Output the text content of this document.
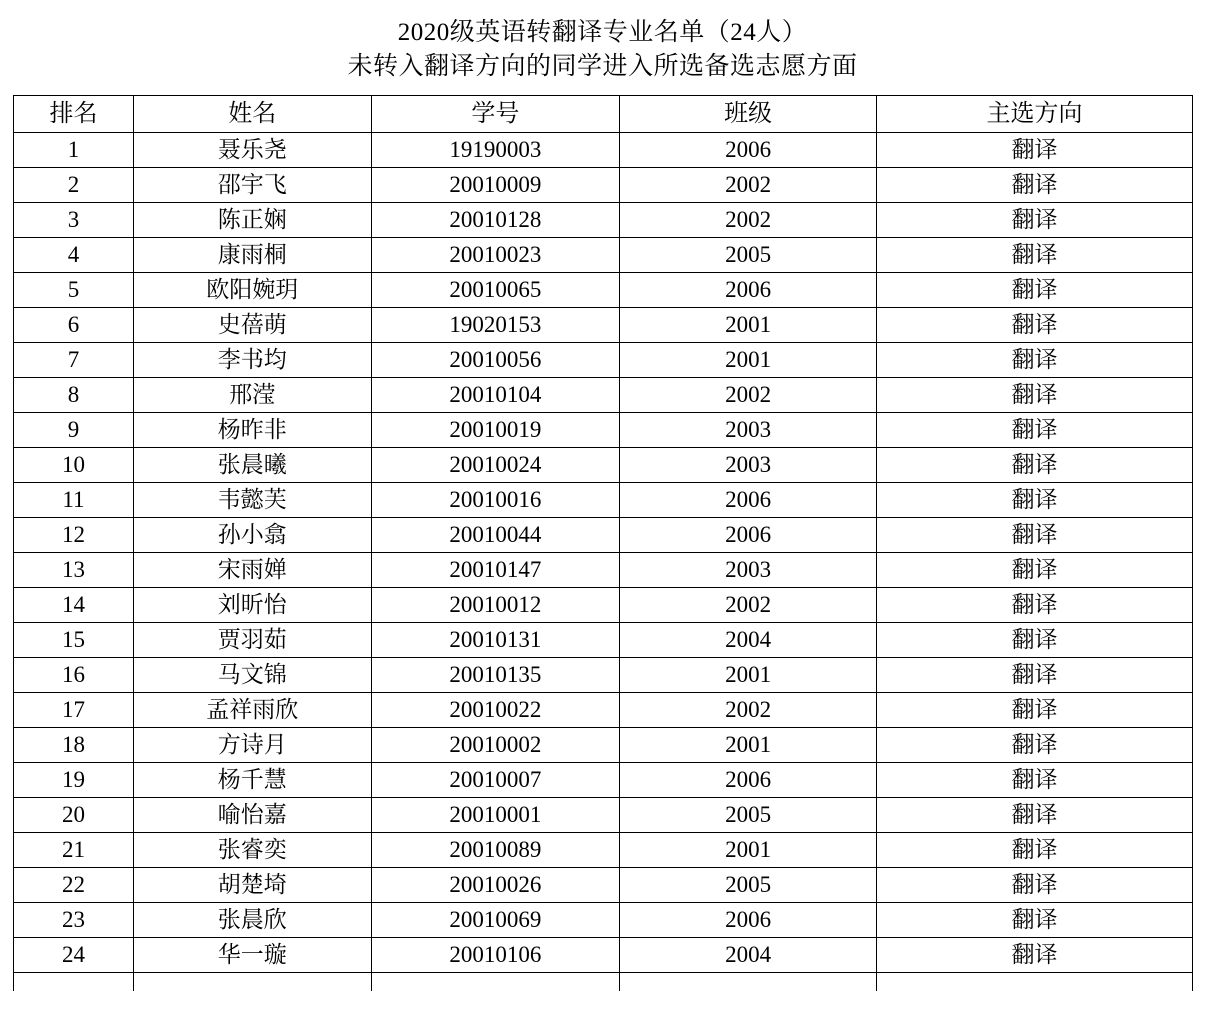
2020级英语转翻译专业名单（24人）
未转入翻译方向的同学进入所选备选志愿方面
排名	姓名	学号	班级	主选方向
1	聂乐尧	19190003	2006	翻译
2	邵宇飞	20010009	2002	翻译
3	陈正娴	20010128	2002	翻译
4	康雨桐	20010023	2005	翻译
5	欧阳婉玥	20010065	2006	翻译
6	史蓓萌	19020153	2001	翻译
7	李书均	20010056	2001	翻译
8	邢滢	20010104	2002	翻译
9	杨昨非	20010019	2003	翻译
10	张晨曦	20010024	2003	翻译
11	韦懿芙	20010016	2006	翻译
12	孙小翕	20010044	2006	翻译
13	宋雨婵	20010147	2003	翻译
14	刘昕怡	20010012	2002	翻译
15	贾羽茹	20010131	2004	翻译
16	马文锦	20010135	2001	翻译
17	孟祥雨欣	20010022	2002	翻译
18	方诗月	20010002	2001	翻译
19	杨千慧	20010007	2006	翻译
20	喻怡嘉	20010001	2005	翻译
21	张睿奕	20010089	2001	翻译
22	胡楚埼	20010026	2005	翻译
23	张晨欣	20010069	2006	翻译
24	华一璇	20010106	2004	翻译
